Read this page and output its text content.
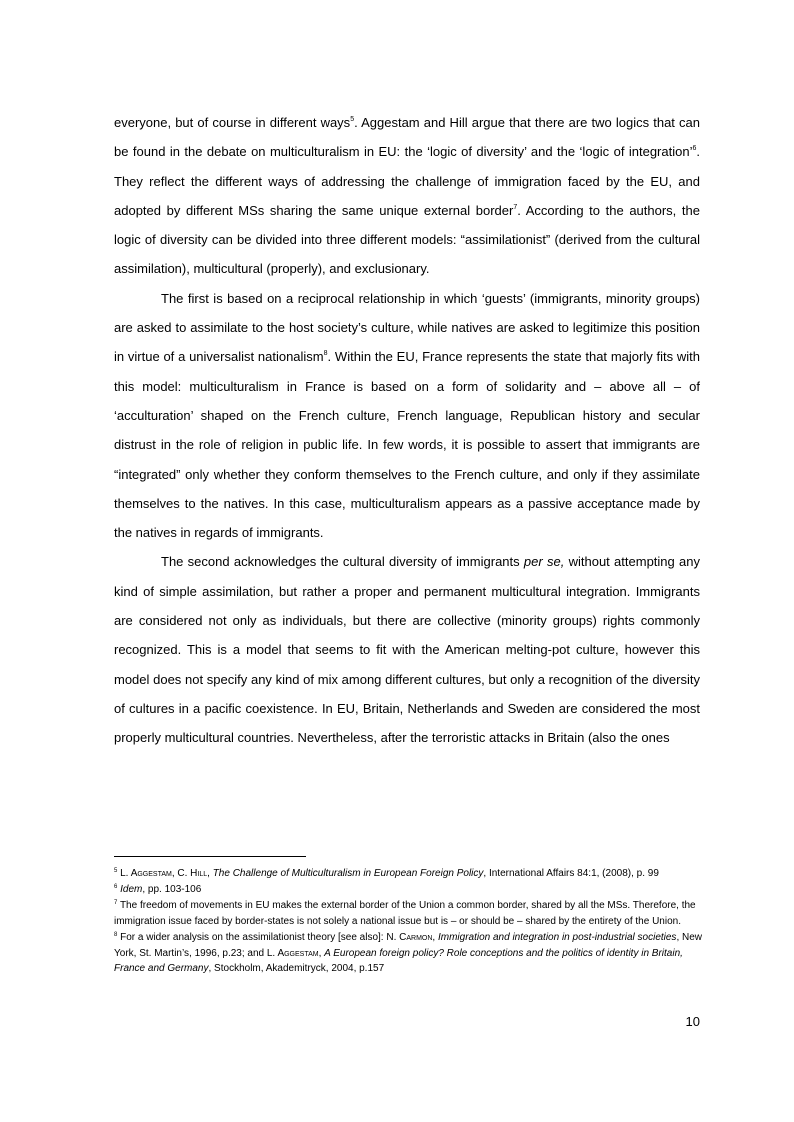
everyone, but of course in different ways$^5$. Aggestam and Hill argue that there are two logics that can be found in the debate on multiculturalism in EU: the ‘logic of diversity’ and the ‘logic of integration’$^6$. They reflect the different ways of addressing the challenge of immigration faced by the EU, and adopted by different MSs sharing the same unique external border$^7$. According to the authors, the logic of diversity can be divided into three different models: “assimilationist” (derived from the cultural assimilation), multicultural (properly), and exclusionary.

The first is based on a reciprocal relationship in which ‘guests’ (immigrants, minority groups) are asked to assimilate to the host society’s culture, while natives are asked to legitimize this position in virtue of a universalist nationalism$^8$. Within the EU, France represents the state that majorly fits with this model: multiculturalism in France is based on a form of solidarity and – above all – of ‘acculturation’ shaped on the French culture, French language, Republican history and secular distrust in the role of religion in public life. In few words, it is possible to assert that immigrants are “integrated” only whether they conform themselves to the French culture, and only if they assimilate themselves to the natives. In this case, multiculturalism appears as a passive acceptance made by the natives in regards of immigrants.

The second acknowledges the cultural diversity of immigrants per se, without attempting any kind of simple assimilation, but rather a proper and permanent multicultural integration. Immigrants are considered not only as individuals, but there are collective (minority groups) rights commonly recognized. This is a model that seems to fit with the American melting-pot culture, however this model does not specify any kind of mix among different cultures, but only a recognition of the diversity of cultures in a pacific coexistence. In EU, Britain, Netherlands and Sweden are considered the most properly multicultural countries. Nevertheless, after the terroristic attacks in Britain (also the ones

$^5$ L. Aggestam, C. Hill, The Challenge of Multiculturalism in European Foreign Policy, International Affairs 84:1, (2008), p. 99

$^6$ Idem, pp. 103-106

$^7$ The freedom of movements in EU makes the external border of the Union a common border, shared by all the MSs. Therefore, the immigration issue faced by border-states is not solely a national issue but is – or should be – shared by the entirety of the Union.

$^8$ For a wider analysis on the assimilationist theory [see also]: N. Carmon, Immigration and integration in post-industrial societies, New York, St. Martin’s, 1996, p.23; and L. Aggestam, A European foreign policy? Role conceptions and the politics of identity in Britain, France and Germany, Stockholm, Akademitryck, 2004, p.157

10
